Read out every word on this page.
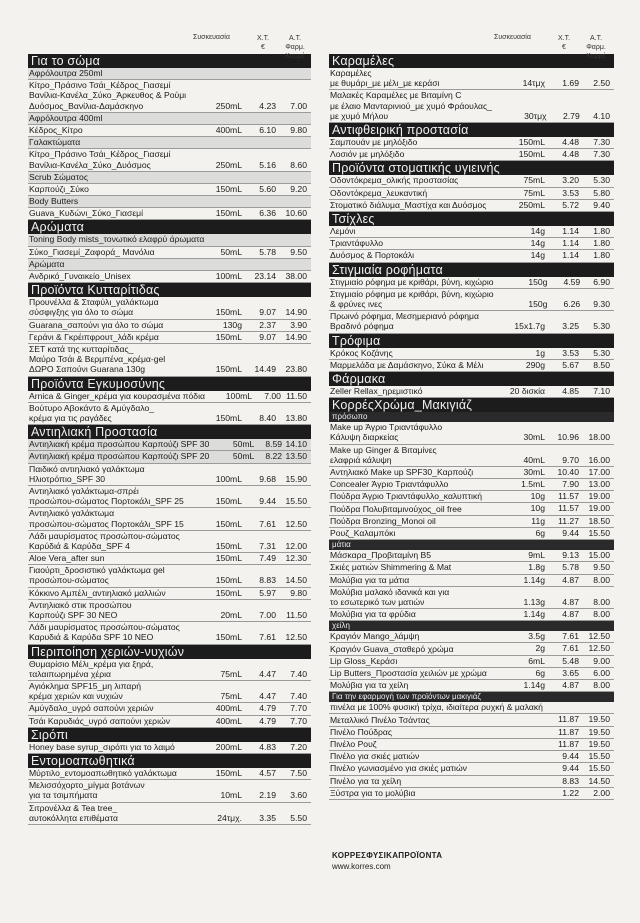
Συσκευασία	Χ.Τ.
€
Α.Τ.
Φαρμ.
Κορρέ
Για το σώμα
Αφρόλουτρα 250ml
Κίτρο_Πράσινο Τσάι_Κέδρος_Γιασεμί
Βανίλια-Κανέλα_Σύκο_Άρκευθος & Ρούμι
Δυόσμος_Βανίλια-Δαμάσκηνο	250mL	4.23	7.00
Αφρόλουτρα 400ml
Κέδρος_Κίτρο	400mL	6.10	9.80
Γαλακτώματα
Κίτρο_Πράσινο Τσάι_Κέδρος_Γιασεμί
Βανίλια-Κανέλα_Σύκο_Δυόσμος	250mL	5.16	8.60
Scrub Σώματος
Καρπούζι_Σύκο	150mL	5.60	9.20
Body Butters
Guava_Κυδώνι_Σύκο_Γιασεμί	150mL	6.36	10.60
Αρώματα
Toning Body mists_τονωτικό ελαφρύ άρωματα
Σύκο_Γιασεμί_Ζαφορά_ Μανόλια	50mL	5.78	9.50
Αρώματα
Ανδρικό_Γυναικείο_Unisex	100mL	23.14	38.00
Προϊόντα Κυτταρίτιδας
Προυνέλλα & Σταφύλι_γαλάκτωμα
σύσφιγξης για όλο το σώμα	150mL	9.07	14.90
Guarana_σαπούνι για όλο το σώμα	130g	2.37	3.90
Γεράνι & Γκρέιπφρουτ_λάδι κρέμα	150mL	9.07	14.90
ΣΕΤ κατά της κυτταρίτιδας_
Μαύρο Τσάι & Βερμπένα_κρέμα-gel
ΔΩΡΟ Σαπούνι Guarana 130g	150mL	14.49	23.80
Προϊόντα Εγκυμοσύνης
Arnica & Ginger_κρέμα για κουρασμένα πόδια	100mL	7.00 11.50
Βούτυρο Αβοκάντο & Αμύγδαλο_
κρέμα για τις ραγάδες	150mL	8.40	13.80
Αντιηλιακή Προστασία
Αντιηλιακή κρέμα προσώπου Καρπούζι SPF 30	50mL	8.59 14.10
Αντιηλιακή κρέμα προσώπου Καρπούζι SPF 20	50mL	8.22 13.50
Παιδικό αντιηλιακό γαλάκτωμα
Ηλιοτρόπιο_SPF 30	100mL	9.68	15.90
Αντιηλιακό γαλάκτωμα-σπρέι
προσώπου-σώματος Πορτοκάλι_SPF 25	150mL	9.44	15.50
Αντιηλιακό γαλάκτωμα
προσώπου-σώματος Πορτοκάλι_SPF 15	150mL	7.61	12.50
Λάδι μαυρίσματος προσώπου-σώματος
Καρύδιά & Καρύδα_SPF 4	150mL	7.31	12.00
Aloe Vera_after sun	150mL	7.49	12.30
Γιαούρτι_δροσιστικό γαλάκτωμα gel
προσώπου-σώματος	150mL	8.83	14.50
Κόκκινο Αμπέλι_αντιηλιακό μαλλιών	150mL	5.97	9.80
Αντιηλιακό στικ προσώπου
Καρπούζι SPF 30 NEO	20mL	7.00	11.50
Λάδι μαυρίσματος προσώπου-σώματος
Καρυδιά & Καρύδα SPF 10 NEO	150mL	7.61	12.50
Περιποίηση χεριών-νυχιών
Θυμαρίσιο Μέλι_κρέμα για ξηρά,
ταλαιπωρημένα χέρια	75mL	4.47	7.40
Αγιόκλημα SPF15_μη λιπαρή
κρέμα χεριών και νυχιών	75mL	4.47	7.40
Αμύγδαλο_υγρό σαπούνι χεριών	400mL	4.79	7.70
Τσάι Καρυδιάς_υγρό σαπούνι χεριών	400mL	4.79	7.70
Σιρόπι
Honey base syrup_σιρόπι για το λαιμό	200mL	4.83	7.20
Εντομοαπωθητικά
Μύρτιλο_εντομοαπωθητικό γαλάκτωμα	150mL	4.57	7.50
Μελισσόχορτο_μίγμα βοτάνων
για τα τσιμπήματα	10mL	2.19	3.60
Σιτρονέλλα & Tea tree_
αυτοκόλλητα επιθέματα	24τμχ.	3.35	5.50
Συσκευασία	Χ.Τ.
€
Α.Τ.
Φαρμ.
Κορρέ
Καραμέλες
Καραμέλες
με θυμάρι_με μέλι_με κεράσι	14τμχ	1.69	2.50
Μαλακές Καραμέλες με Βιταμίνη C
με έλαιο Μανταρινιού_με χυμό Φράουλας_
με χυμό Μήλου	30τμχ	2.79	4.10
Αντιφθειρική προστασία
Σαμπουάν με μηλόξιδο	150mL	4.48	7.30
Λοσιόν με μηλόξιδο	150mL	4.48	7.30
Προϊόντα στοματικής υγιεινής
Οδοντόκρεμα_ολικής προστασίας	75mL	3.20	5.30
Οδοντόκρεμα_λευκαντική	75mL	3.53	5.80
Στοματικό διάλυμα_Μαστίχα και Δυόσμος	250mL	5.72	9.40
Τσίχλες
Λεμόνι	14g	1.14	1.80
Τριαντάφυλλο	14g	1.14	1.80
Δυόσμος & Πορτοκάλι	14g	1.14	1.80
Στιγμιαία ροφήματα
Στιγμιαίο ρόφημα με κριθάρι, βύνη, κιχώριο	150g	4.59	6.90
Στιγμιαίο ρόφημα με κριθάρι, βύνη, κιχώριο
& φρύνες ινες	150g	6.26	9.30
Πρωινό ρόφημα, Μεσημεριανό ρόφημα
Βραδινό ρόφημα	15x1.7g	3.25	5.30
Τρόφιμα
Κρόκος Κοζάνης	1g	3.53	5.30
Μαρμελάδα με Δαμάσκηνο, Σύκα & Μέλι	290g	5.67	8.50
Φάρμακα
Zeller Rellax_ηρεμιστικό	20 δισκία	4.85	7.10
ΚορρέςΧρώμα_Μακιγιάζ
πρόσωπο
Make up Άγριο Τριαντάφυλλο
Κάλυψη διαρκείας	30mL	10.96	18.00
Make up Ginger & Βιταμίνες
ελαφριά κάλυψη	40mL	9.70	16.00
Αντηλιακό Make up SPF30_Καρπούζι	30mL	10.40	17.00
Concealer Άγριο Τριαντάφυλλο	1.5mL	7.90	13.00
Πούδρα Άγριο Τριαντάφυλλο_καλυπτική	10g	11.57	19.00
Πούδρα Πολυβιταμινούχος_oil free	10g	11.57	19.00
Πούδρα Bronzing_Monoi oil	11g	11.27	18.50
Ρουζ_Καλαμπόκι	6g	9.44	15.50
μάτια
Μάσκαρα_Προβιταμίνη Β5	9mL	9.13	15.00
Σκιές ματιών Shimmering & Mat	1.8g	5.78	9.50
Μολύβια για τα μάτια	1.14g	4.87	8.00
Μολύβια μαλακό ιδανικά και για
το εσωτερικό των ματιών	1.13g	4.87	8.00
Μολύβια για τα φρύδια	1.14g	4.87	8.00
χείλη
Κραγιόν Mango_λάμψη	3.5g	7.61	12.50
Κραγιόν Guava_σταθερό χρώμα	2g	7.61	12.50
Lip Gloss_Κεράσι	6mL	5.48	9.00
Lip Butters_Προστασία χειλιών με χρώμα	6g	3.65	6.00
Μολύβια για τα χείλη	1.14g	4.87	8.00
Για την εφαρμογή των προϊόντων μακιγιάζ
πινέλα με 100% φυσική τρίχα, ιδιαίτερα ρυχκή & μαλακή
Μεταλλικό Πινέλο Τσάντας	11.87	19.50
Πινέλο Πούδρας	11.87	19.50
Πινέλο Ρουζ	11.87	19.50
Πινέλο για σκιές ματιών	9.44	15.50
Πινέλο γωνιασμένο για σκιές ματιών	9.44	15.50
Πινέλο για τα χείλη	8.83	14.50
Ξύστρα για το μολύβια	1.22	2.00
ΚΟΡΡΕΣΦΥΣΙΚΑΠΡΟΪΟΝΤΑ
www.korres.com
